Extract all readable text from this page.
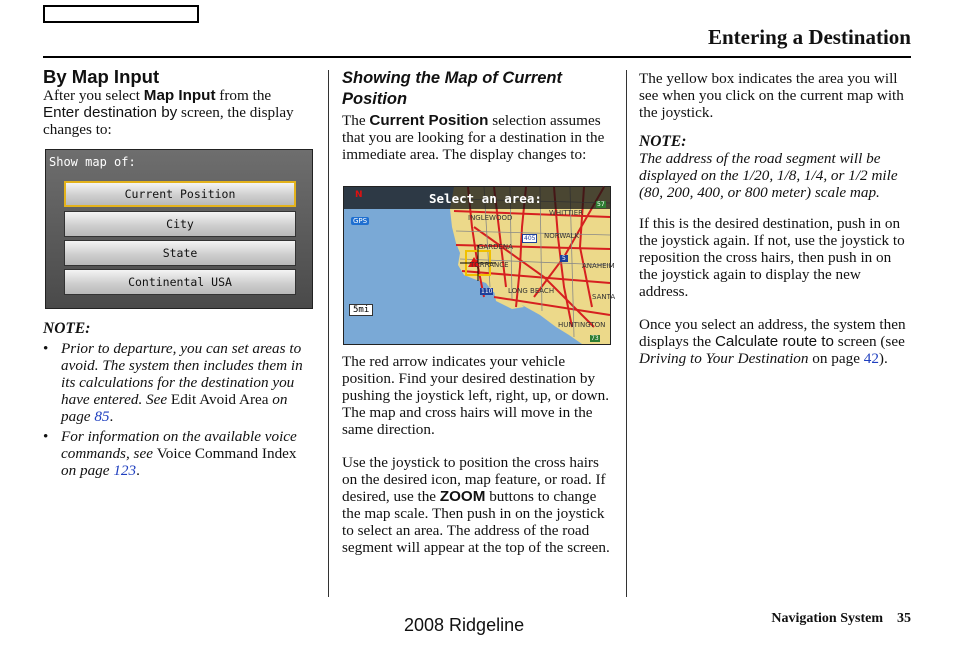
Entering a Destination
By Map Input

After you select Map Input from the
Enter destination by screen, the display changes to:

Show map of:
Current Position
City
State
Continental USA
NOTE:
• Prior to departure, you can set areas to avoid. The system then includes them in its calculations for the destination you have entered. See Edit Avoid Area on page 85.
• For information on the available voice commands, see Voice Command Index on page 123.
Showing the Map of Current Position

The Current Position selection assumes that you are looking for a destination in the immediate area. The display changes to:

Select an area:
N
GPS
5mi
INGLEWOOD
WHITTIER
GARDENA
NORWALK
TORRANCE	ANAHEIM
LONG BEACH
SANTA
HUNTINGTON
405
5
110
57
73

The red arrow indicates your vehicle position. Find your desired destination by pushing the joystick left, right, up, or down. The map and cross hairs will move in the same direction.

Use the joystick to position the cross hairs on the desired icon, map feature, or road. If desired, use the ZOOM buttons to change the map scale. Then push in on the joystick to select an area. The address of the road segment will appear at the top of the screen.

The yellow box indicates the area you will see when you click on the current map with the joystick.

NOTE:

The address of the road segment will be displayed on the 1/20, 1/8, 1/4, or 1/2 mile (80, 200, 400, or 800 meter) scale map.

If this is the desired destination, push in on the joystick again. If not, use the joystick to reposition the cross hairs, then push in on the joystick again to display the new address.

Once you select an address, the system then displays the Calculate route to screen (see Driving to Your Destination on page 42).

2008 Ridgeline	Navigation System 35
